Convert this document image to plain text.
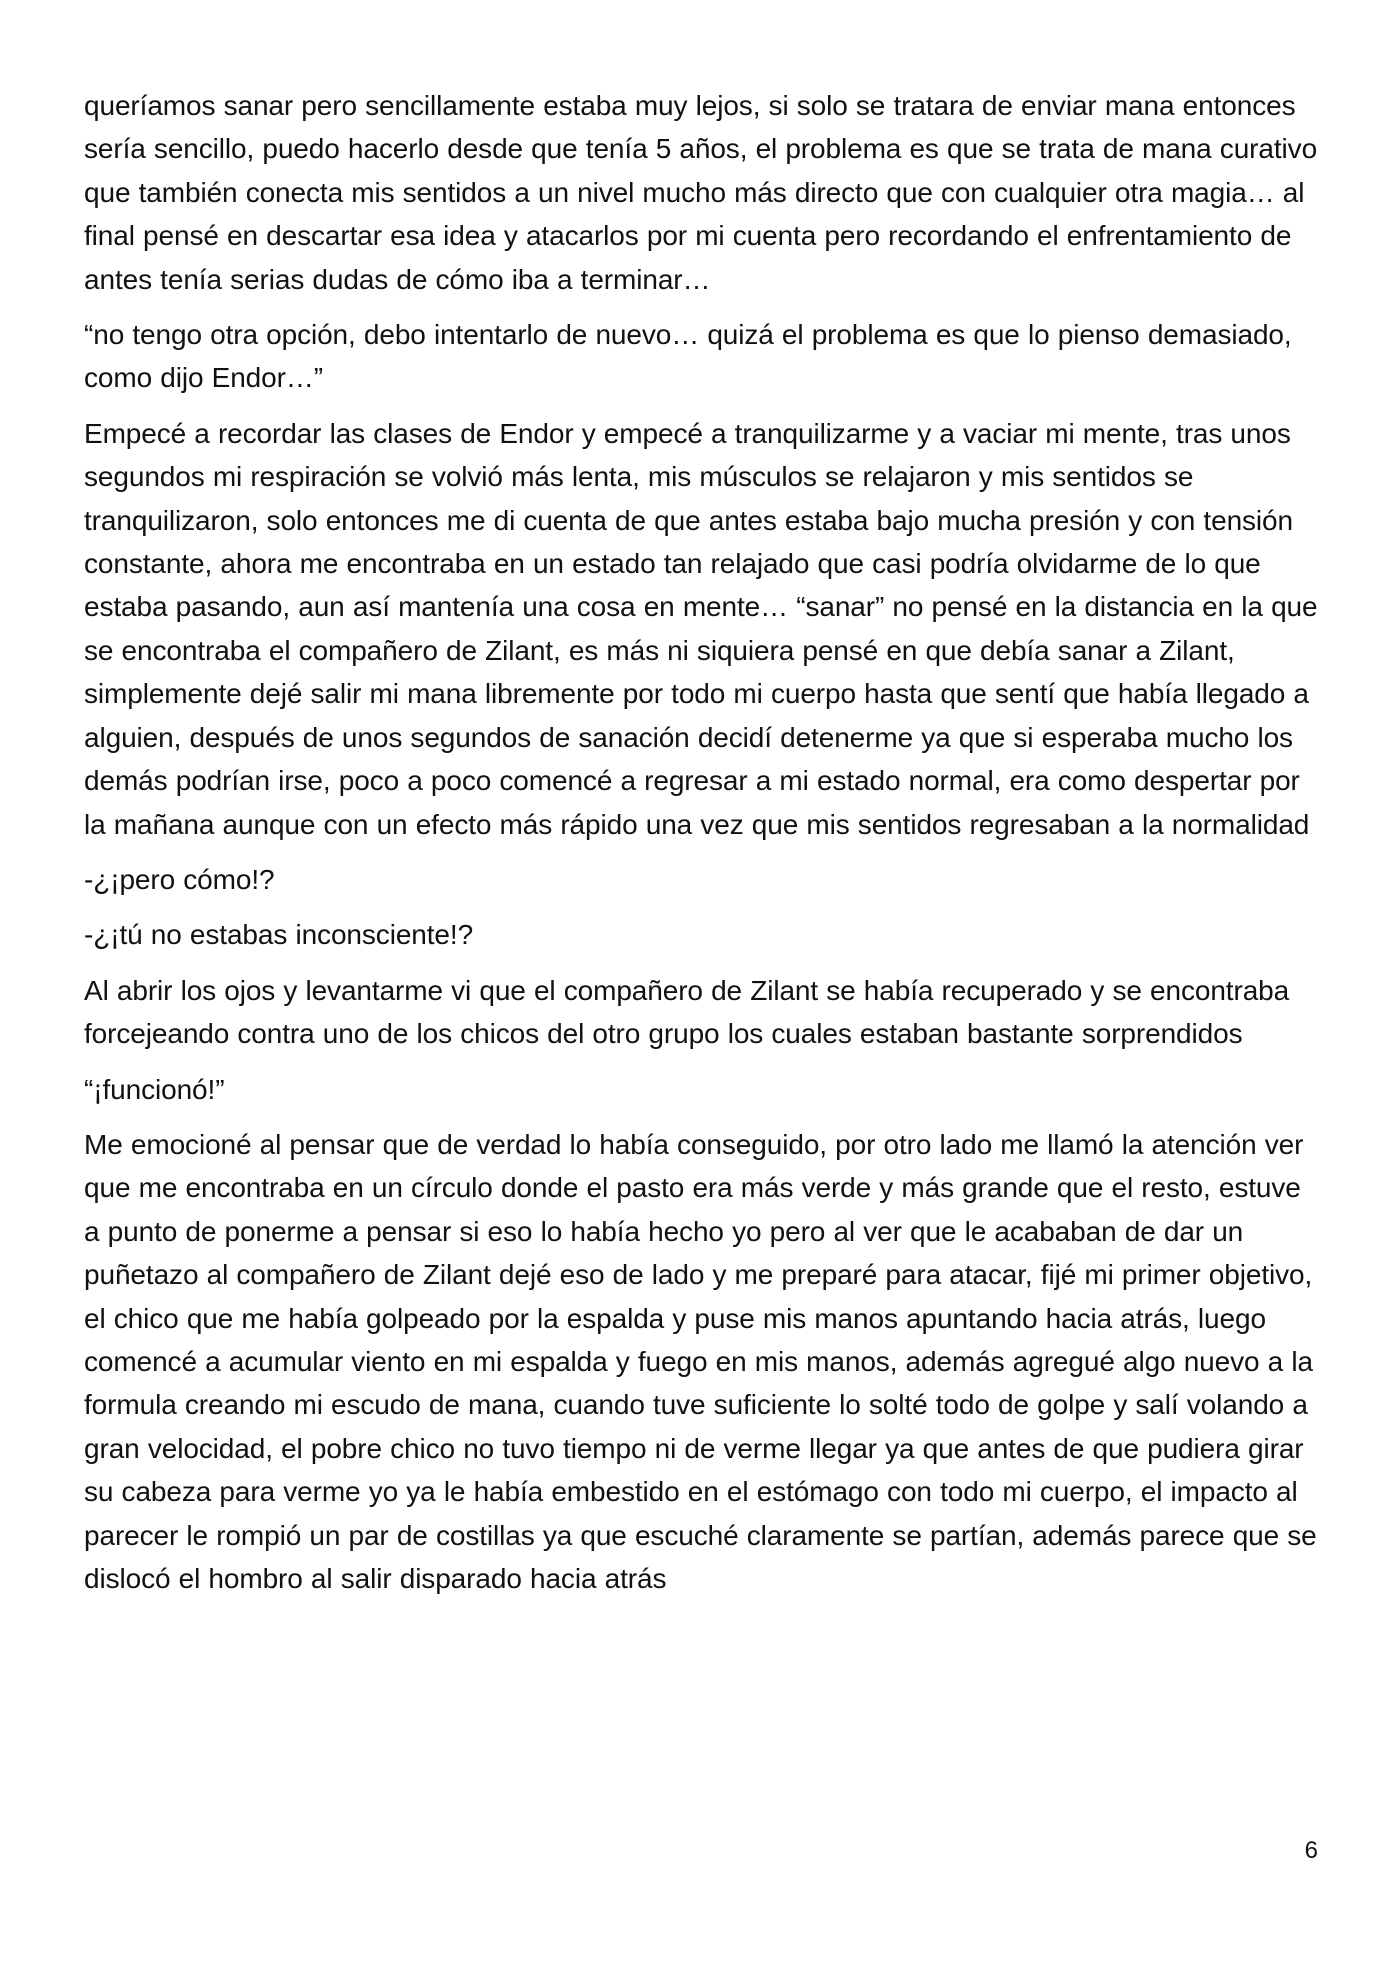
queríamos sanar pero sencillamente estaba muy lejos, si solo se tratara de enviar mana entonces sería sencillo, puedo hacerlo desde que tenía 5 años, el problema es que se trata de mana curativo que también conecta mis sentidos a un nivel mucho más directo que con cualquier otra magia… al final pensé en descartar esa idea y atacarlos por mi cuenta pero recordando el enfrentamiento de antes tenía serias dudas de cómo iba a terminar…

“no tengo otra opción, debo intentarlo de nuevo… quizá el problema es que lo pienso demasiado, como dijo Endor…”

Empecé a recordar las clases de Endor y empecé a tranquilizarme y a vaciar mi mente, tras unos segundos mi respiración se volvió más lenta, mis músculos se relajaron y mis sentidos se tranquilizaron, solo entonces me di cuenta de que antes estaba bajo mucha presión y con tensión constante, ahora me encontraba en un estado tan relajado que casi podría olvidarme de lo que estaba pasando, aun así mantenía una cosa en mente… “sanar” no pensé en la distancia en la que se encontraba el compañero de Zilant, es más ni siquiera pensé en que debía sanar a Zilant, simplemente dejé salir mi mana libremente por todo mi cuerpo hasta que sentí que había llegado a alguien, después de unos segundos de sanación decidí detenerme ya que si esperaba mucho los demás podrían irse, poco a poco comencé a regresar a mi estado normal, era como despertar por la mañana aunque con un efecto más rápido una vez que mis sentidos regresaban a la normalidad

-¿¡pero cómo!?

-¿¡tú no estabas inconsciente!?

Al abrir los ojos y levantarme vi que el compañero de Zilant se había recuperado y se encontraba forcejeando contra uno de los chicos del otro grupo los cuales estaban bastante sorprendidos

“¡funcionó!”

Me emocioné al pensar que de verdad lo había conseguido, por otro lado me llamó la atención ver que me encontraba en un círculo donde el pasto era más verde y más grande que el resto, estuve a punto de ponerme a pensar si eso lo había hecho yo pero al ver que le acababan de dar un puñetazo al compañero de Zilant dejé eso de lado y me preparé para atacar, fijé mi primer objetivo, el chico que me había golpeado por la espalda y puse mis manos apuntando hacia atrás, luego comencé a acumular viento en mi espalda y fuego en mis manos, además agregué algo nuevo a la formula creando mi escudo de mana, cuando tuve suficiente lo solté todo de golpe y salí volando a gran velocidad, el pobre chico no tuvo tiempo ni de verme llegar ya que antes de que pudiera girar su cabeza para verme yo ya le había embestido en el estómago con todo mi cuerpo, el impacto al parecer le rompió un par de costillas ya que escuché claramente se partían, además parece que se dislocó el hombro al salir disparado hacia atrás

6
